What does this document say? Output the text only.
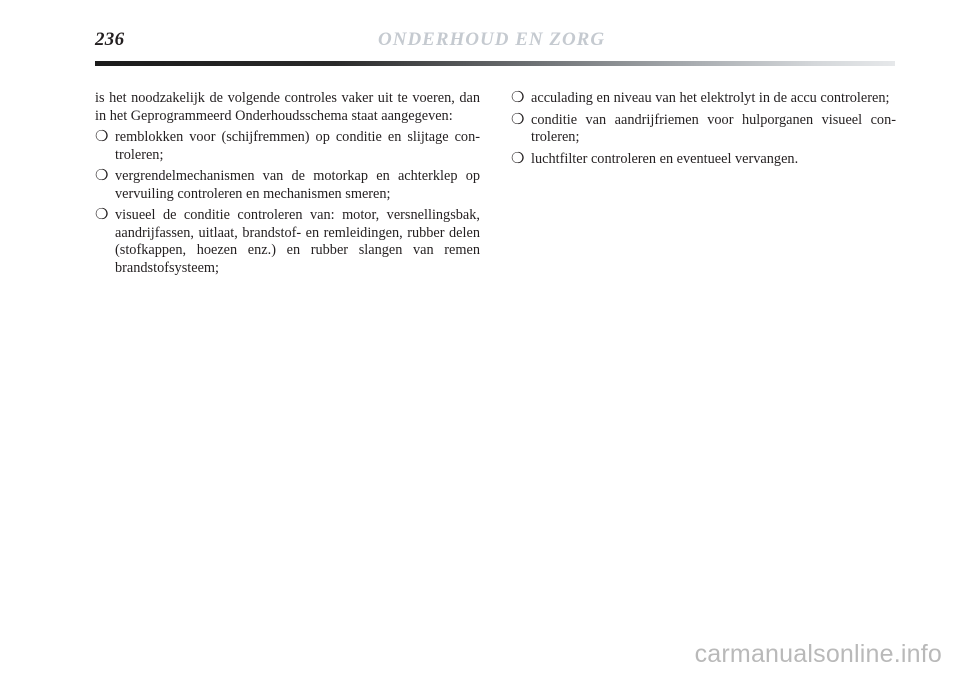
236	ONDERHOUD EN ZORG

is het noodzakelijk de volgende controles vaker uit te voeren, dan in het Geprogrammeerd Onderhoudsschema staat aangegeven:

❍ remblokken voor (schijfremmen) op conditie en slijtage controleren;
❍ vergrendelmechanismen van de motorkap en achterklep op vervuiling controleren en mechanismen smeren;
❍ visueel de conditie controleren van: motor, versnellingsbak, aandrijfassen, uitlaat, brandstof- en remleidingen, rubber delen (stofkappen, hoezen enz.) en rubber slangen van remen brandstofsysteem;
❍ acculading en niveau van het elektrolyt in de accu controleren;
❍ conditie van aandrijfriemen voor hulporganen visueel controleren;
❍ luchtfilter controleren en eventueel vervangen.
carmanualsonline.info
